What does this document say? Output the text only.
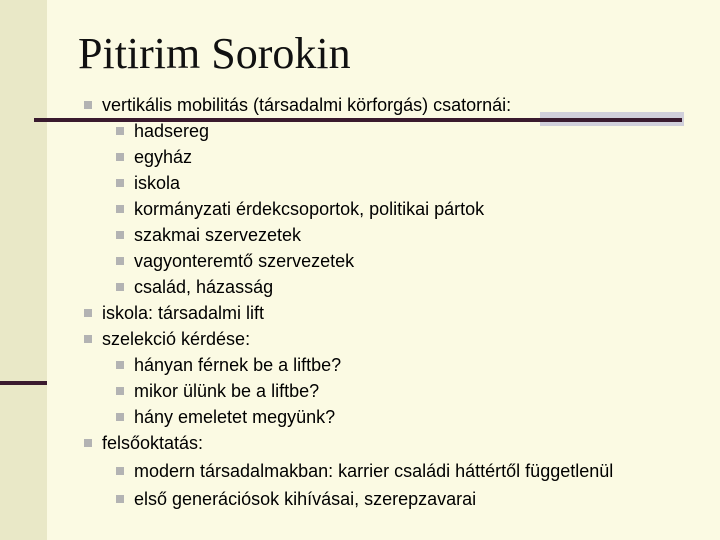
Pitirim Sorokin
vertikális mobilitás (társadalmi körforgás) csatornái:
hadsereg
egyház
iskola
kormányzati érdekcsoportok, politikai pártok
szakmai szervezetek
vagyonteremtő szervezetek
család, házasság
iskola: társadalmi lift
szelekció kérdése:
hányan férnek be a liftbe?
mikor ülünk be a liftbe?
hány emeletet megyünk?
felsőoktatás:
modern társadalmakban: karrier családi háttértől függetlenül
első generációsok kihívásai, szerepzavarai
